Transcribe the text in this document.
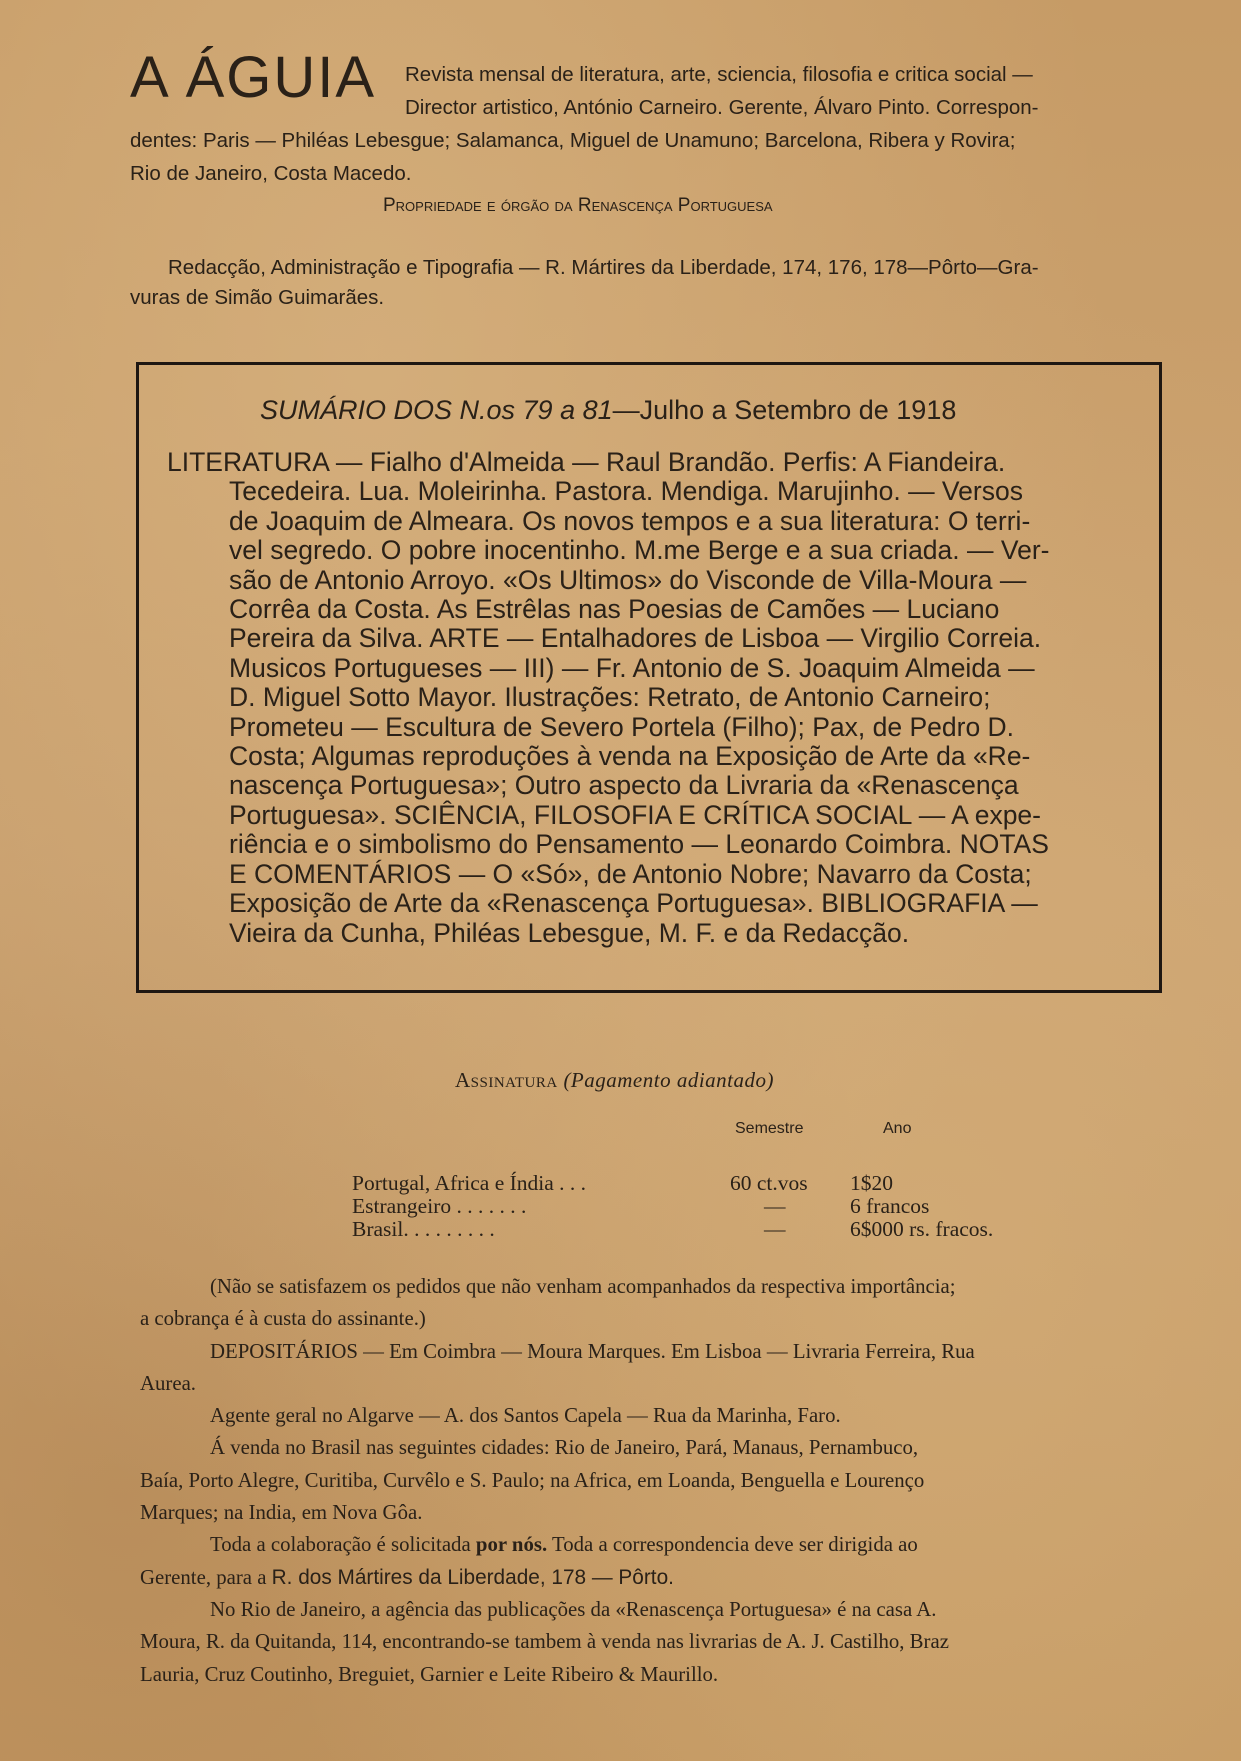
A ÁGUIA	Revista mensal de literatura, arte, sciencia, filosofia e critica social —
Director artistico, António Carneiro. Gerente, Álvaro Pinto. Correspon-
dentes: Paris — Philéas Lebesgue; Salamanca, Miguel de Unamuno; Barcelona, Ribera y Rovira;
Rio de Janeiro, Costa Macedo.
Propriedade e órgão da Renascença Portuguesa
Redacção, Administração e Tipografia — R. Mártires da Liberdade, 174, 176, 178—Pôrto—Gra-
vuras de Simão Guimarães.
SUMÁRIO DOS N.os 79 a 81—Julho a Setembro de 1918
LITERATURA — Fialho d'Almeida — Raul Brandão. Perfis: A Fiandeira.
Tecedeira. Lua. Moleirinha. Pastora. Mendiga. Marujinho. — Versos
de Joaquim de Almeara. Os novos tempos e a sua literatura: O terri-
vel segredo. O pobre inocentinho. M.me Berge e a sua criada. — Ver-
são de Antonio Arroyo. «Os Ultimos» do Visconde de Villa-Moura —
Corrêa da Costa. As Estrêlas nas Poesias de Camões — Luciano
Pereira da Silva. ARTE — Entalhadores de Lisboa — Virgilio Correia.
Musicos Portugueses — III) — Fr. Antonio de S. Joaquim Almeida —
D. Miguel Sotto Mayor. Ilustrações: Retrato, de Antonio Carneiro;
Prometeu — Escultura de Severo Portela (Filho); Pax, de Pedro D.
Costa; Algumas reproduções à venda na Exposição de Arte da «Re-
nascença Portuguesa»; Outro aspecto da Livraria da «Renascença
Portuguesa». SCIÊNCIA, FILOSOFIA E CRÍTICA SOCIAL — A expe-
riência e o simbolismo do Pensamento — Leonardo Coimbra. NOTAS
E COMENTÁRIOS — O «Só», de Antonio Nobre; Navarro da Costa;
Exposição de Arte da «Renascença Portuguesa». BIBLIOGRAFIA —
Vieira da Cunha, Philéas Lebesgue, M. F. e da Redacção.
Assinatura (Pagamento adiantado)
Semestre	Ano
Portugal, Africa e Índia . . .	60 ct.vos 1$20
Estrangeiro . . . . . . .	—	6 francos
Brasil. . . . . . . . .	—	6$000 rs. fracos.

(Não se satisfazem os pedidos que não venham acompanhados da respectiva importância;

a cobrança é à custa do assinante.)

DEPOSITÁRIOS — Em Coimbra — Moura Marques. Em Lisboa — Livraria Ferreira, Rua

Aurea.

Agente geral no Algarve — A. dos Santos Capela — Rua da Marinha, Faro.

Á venda no Brasil nas seguintes cidades: Rio de Janeiro, Pará, Manaus, Pernambuco,

Baía, Porto Alegre, Curitiba, Curvêlo e S. Paulo; na Africa, em Loanda, Benguella e Lourenço

Marques; na India, em Nova Gôa.

Toda a colaboração é solicitada por nós. Toda a correspondencia deve ser dirigida ao

Gerente, para a R. dos Mártires da Liberdade, 178 — Pôrto.

No Rio de Janeiro, a agência das publicações da «Renascença Portuguesa» é na casa A.

Moura, R. da Quitanda, 114, encontrando-se tambem à venda nas livrarias de A. J. Castilho, Braz

Lauria, Cruz Coutinho, Breguiet, Garnier e Leite Ribeiro & Maurillo.
